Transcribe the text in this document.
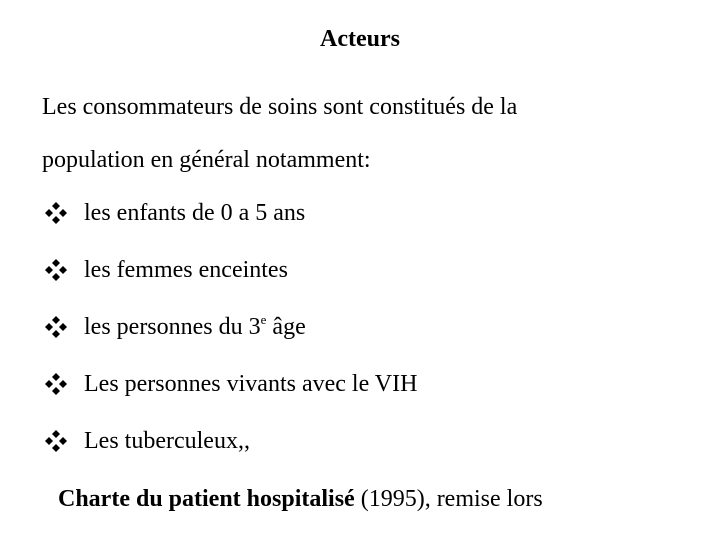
Acteurs
Les consommateurs de soins sont constitués de la
population en général notamment:
les enfants de 0 a 5 ans
les femmes enceintes
les personnes du 3e âge
Les personnes vivants avec le VIH
Les tuberculeux,,
Charte du patient hospitalisé (1995), remise lors
